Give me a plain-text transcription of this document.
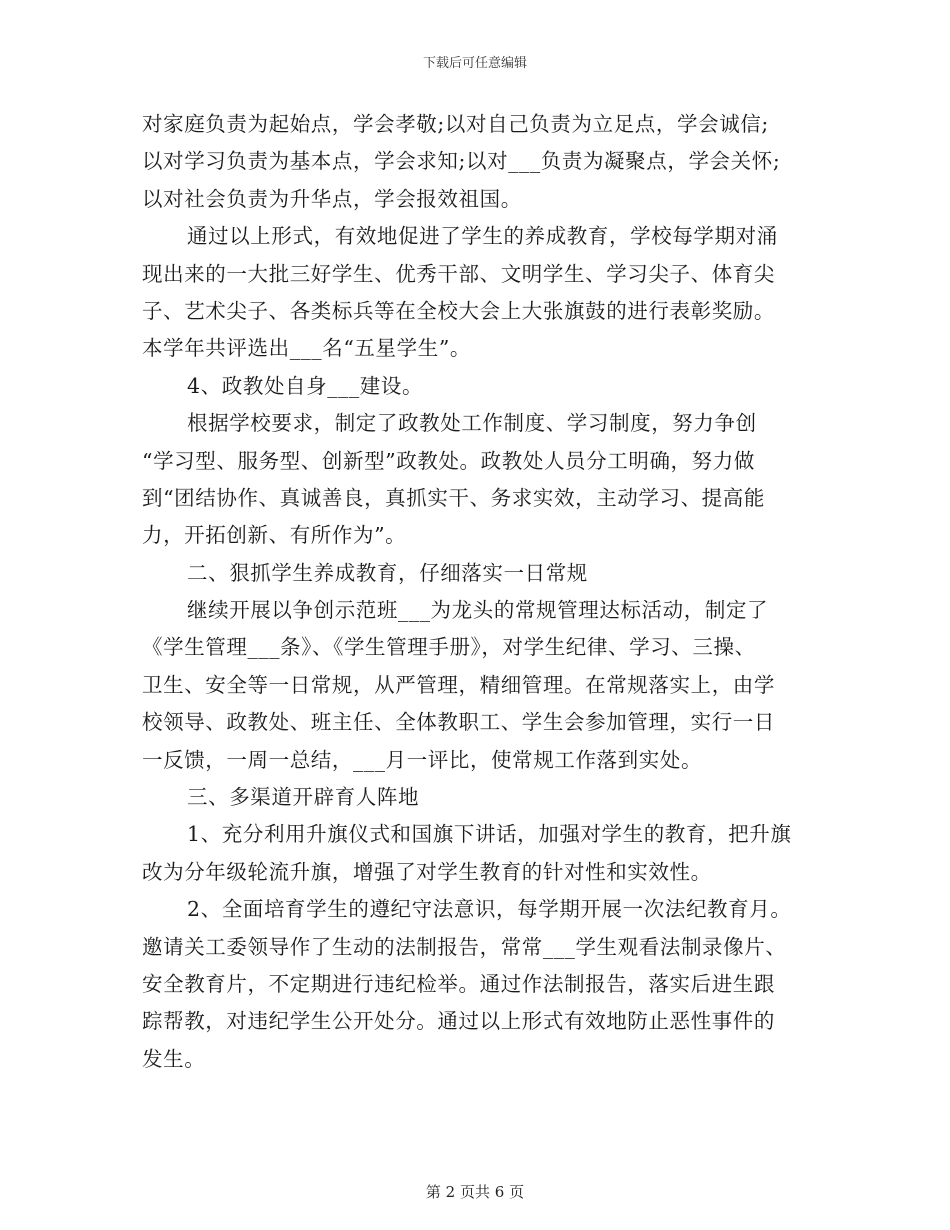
下载后可任意编辑
对家庭负责为起始点，学会孝敬;以对自己负责为立足点，学会诚信;
以对学习负责为基本点，学会求知;以对___负责为凝聚点，学会关怀;
以对社会负责为升华点，学会报效祖国。
通过以上形式，有效地促进了学生的养成教育，学校每学期对涌
现出来的一大批三好学生、优秀干部、文明学生、学习尖子、体育尖
子、艺术尖子、各类标兵等在全校大会上大张旗鼓的进行表彰奖励。
本学年共评选出___名“五星学生”。
4、政教处自身___建设。
根据学校要求，制定了政教处工作制度、学习制度，努力争创
“学习型、服务型、创新型”政教处。政教处人员分工明确，努力做
到“团结协作、真诚善良，真抓实干、务求实效，主动学习、提高能
力，开拓创新、有所作为”。
二、狠抓学生养成教育，仔细落实一日常规
继续开展以争创示范班___为龙头的常规管理达标活动，制定了
《学生管理___条》、《学生管理手册》，对学生纪律、学习、三操、
卫生、安全等一日常规，从严管理，精细管理。在常规落实上，由学
校领导、政教处、班主任、全体教职工、学生会参加管理，实行一日
一反馈，一周一总结，___月一评比，使常规工作落到实处。
三、多渠道开辟育人阵地
1、充分利用升旗仪式和国旗下讲话，加强对学生的教育，把升旗
改为分年级轮流升旗，增强了对学生教育的针对性和实效性。
2、全面培育学生的遵纪守法意识，每学期开展一次法纪教育月。
邀请关工委领导作了生动的法制报告，常常___学生观看法制录像片、
安全教育片，不定期进行违纪检举。通过作法制报告，落实后进生跟
踪帮教，对违纪学生公开处分。通过以上形式有效地防止恶性事件的
发生。
第 2 页共 6 页
